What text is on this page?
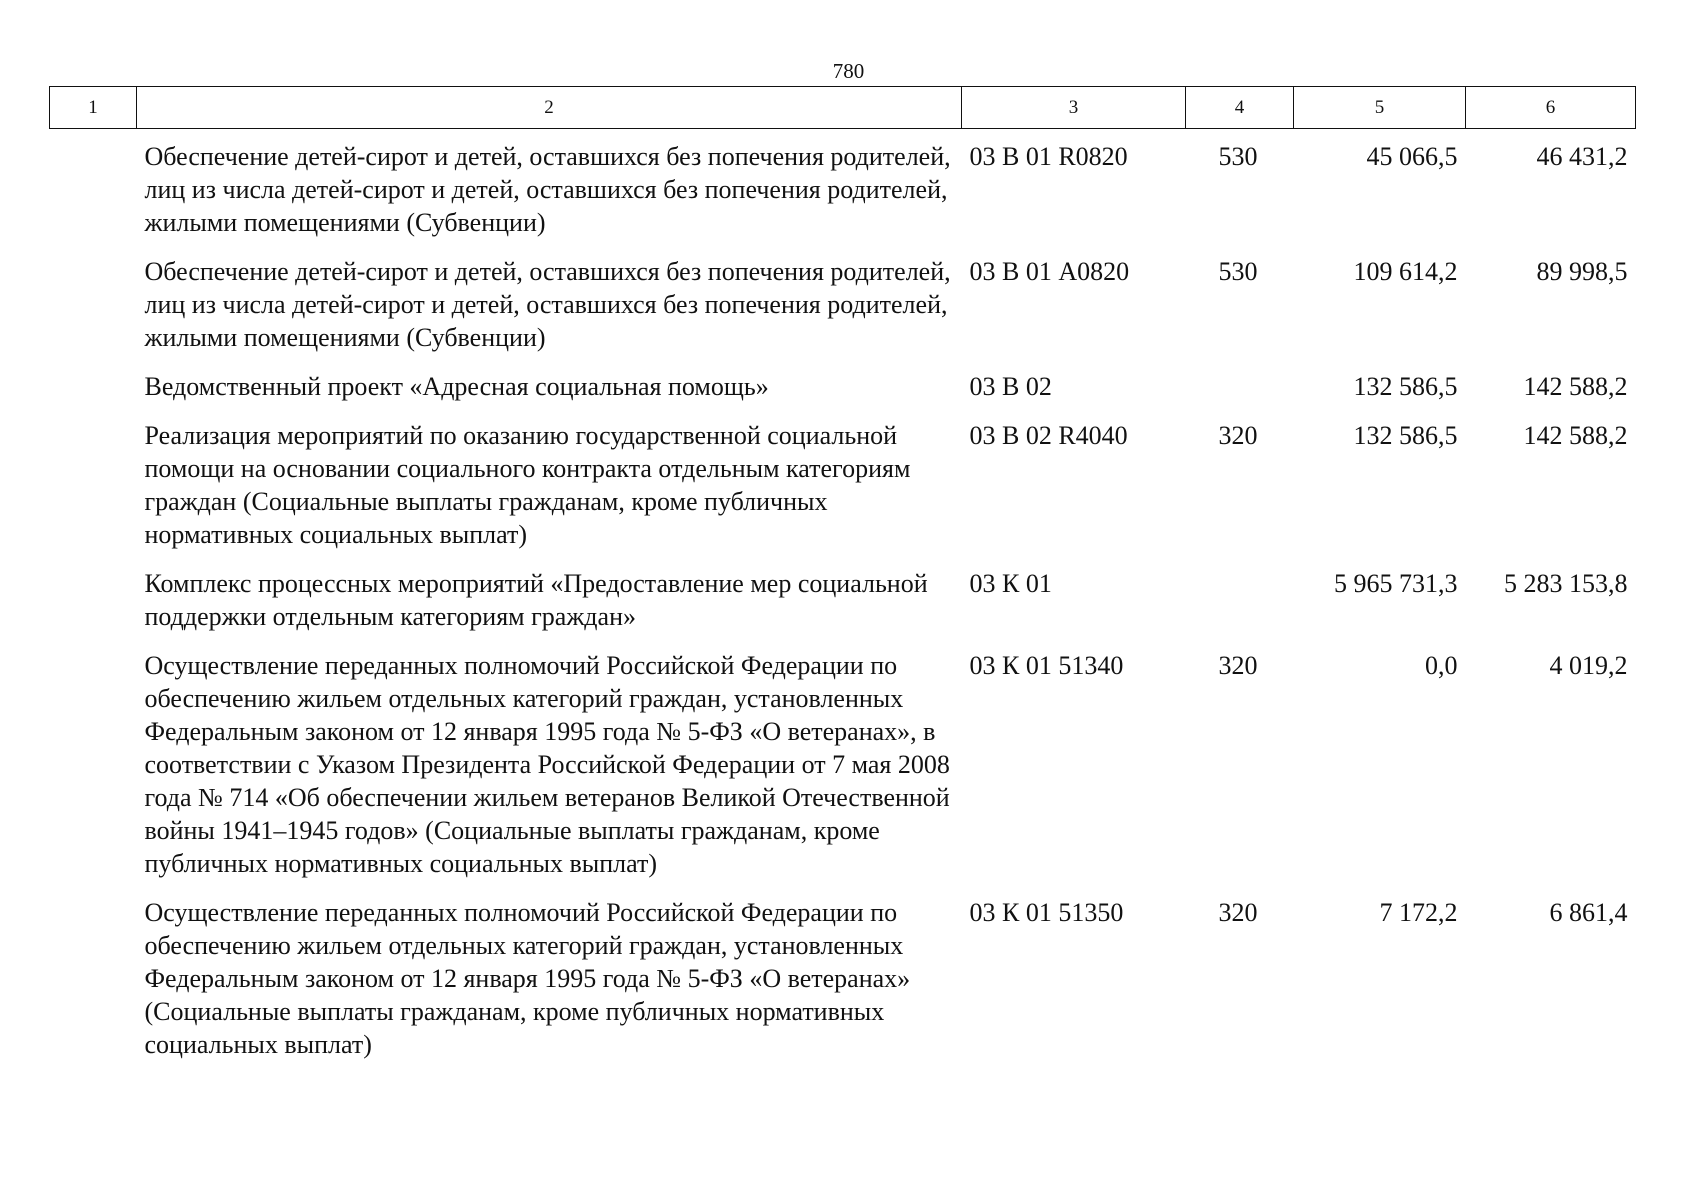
780
1	2	3	4	5	6
	Обеспечение детей-сирот и детей, оставшихся без попечения родителей, лиц из числа детей-сирот и детей, оставшихся без попечения родителей, жилыми помещениями (Субвенции)	03 В 01 R0820	530	45 066,5	46 431,2
	Обеспечение детей-сирот и детей, оставшихся без попечения родителей, лиц из числа детей-сирот и детей, оставшихся без попечения родителей, жилыми помещениями (Субвенции)	03 В 01 А0820	530	109 614,2	89 998,5
	Ведомственный проект «Адресная социальная помощь»	03 В 02		132 586,5	142 588,2
	Реализация мероприятий по оказанию государственной социальной помощи на основании социального контракта отдельным категориям граждан (Социальные выплаты гражданам, кроме публичных нормативных социальных выплат)	03 В 02 R4040	320	132 586,5	142 588,2
	Комплекс процессных мероприятий «Предоставление мер социальной поддержки отдельным категориям граждан»	03 К 01		5 965 731,3	5 283 153,8
	Осуществление переданных полномочий Российской Федерации по обеспечению жильем отдельных категорий граждан, установленных Федеральным законом от 12 января 1995 года № 5-ФЗ «О ветеранах», в соответствии с Указом Президента Российской Федерации от 7 мая 2008 года № 714 «Об обеспечении жильем ветеранов Великой Отечественной войны 1941–1945 годов» (Социальные выплаты гражданам, кроме публичных нормативных социальных выплат)	03 К 01 51340	320	0,0	4 019,2
	Осуществление переданных полномочий Российской Федерации по обеспечению жильем отдельных категорий граждан, установленных Федеральным законом от 12 января 1995 года № 5-ФЗ «О ветеранах» (Социальные выплаты гражданам, кроме публичных нормативных социальных выплат)	03 К 01 51350	320	7 172,2	6 861,4
